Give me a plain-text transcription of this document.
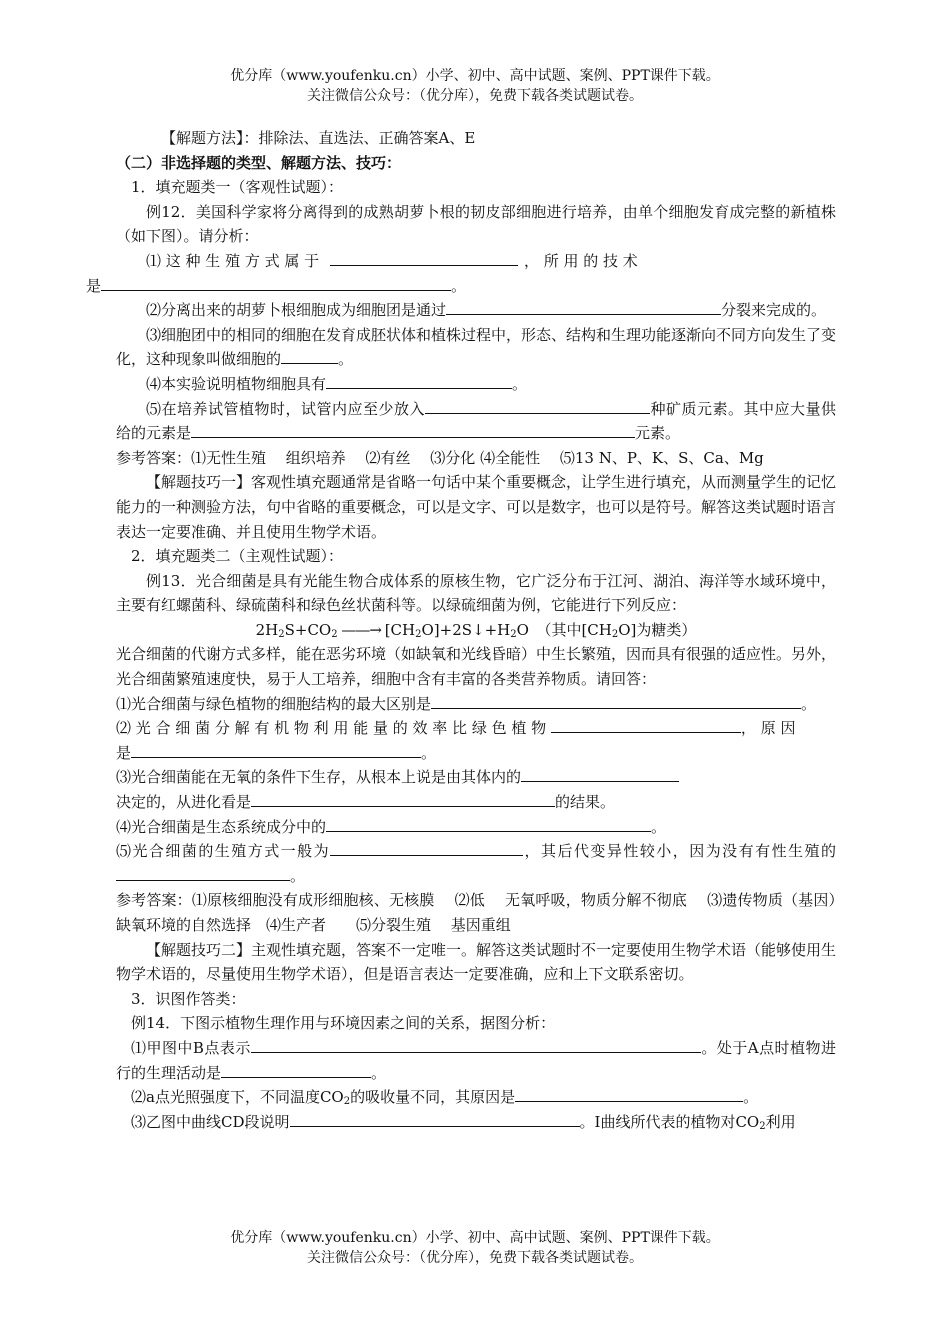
优分库（www.youfenku.cn）小学、初中、高中试题、案例、PPT课件下载。
关注微信公众号：（优分库），免费下载各类试题试卷。

【解题方法】：排除法、直选法、正确答案A、E

（二）非选择题的类型、解题方法、技巧：

1．填充题类一（客观性试题）：

例12．美国科学家将分离得到的成熟胡萝卜根的韧皮部细胞进行培养，由单个细胞发育成完整的新植株（如下图）。请分析：

⑴ 这 种 生 殖 方 式 属 于	， 所 用 的 技 术
是	。

⑵分离出来的胡萝卜根细胞成为细胞团是通过	分裂来完成的。

⑶细胞团中的相同的细胞在发育成胚状体和植株过程中，形态、结构和生理功能逐渐向不同方向发生了变化，这种现象叫做细胞的	。

⑷本实验说明植物细胞具有	。

⑸在培养试管植物时，试管内应至少放入	种矿质元素。其中应大量供给的元素是	元素。

参考答案：⑴无性生殖　 组织培养　 ⑵有丝　 ⑶分化 ⑷全能性　 ⑸13 N、P、K、S、Ca、Mg

【解题技巧一】客观性填充题通常是省略一句话中某个重要概念，让学生进行填充，从而测量学生的记忆能力的一种测验方法，句中省略的重要概念，可以是文字、可以是数字，也可以是符号。解答这类试题时语言表达一定要准确、并且使用生物学术语。

2．填充题类二（主观性试题）：

例13．光合细菌是具有光能生物合成体系的原核生物，它广泛分布于江河、湖泊、海洋等水域环境中，主要有红螺菌科、绿硫菌科和绿色丝状菌科等。以绿硫细菌为例，它能进行下列反应：

$2H_2S+CO_2$ ——→ $[CH_2O]+2S↓+H_2O$　（其中$[CH_2O]$为糖类）

光合细菌的代谢方式多样，能在恶劣环境（如缺氧和光线昏暗）中生长繁殖，因而具有很强的适应性。另外，光合细菌繁殖速度快，易于人工培养，细胞中含有丰富的各类营养物质。请回答：

⑴光合细菌与绿色植物的细胞结构的最大区别是	。

⑵ 光 合 细 菌 分 解 有 机 物 利 用 能 量 的 效 率 比 绿 色 植 物	， 原 因
是	。

⑶光合细菌能在无氧的条件下生存，从根本上说是由其体内的
决定的，从进化看是	的结果。

⑷光合细菌是生态系统成分中的	。

⑸光合细菌的生殖方式一般为	，其后代变异性较小，因为没有有性生殖的。

参考答案：⑴原核细胞没有成形细胞核、无核膜　 ⑵低　 无氧呼吸，物质分解不彻底　 ⑶遗传物质（基因）　 缺氧环境的自然选择　⑷生产者　　⑸分裂生殖　 基因重组

【解题技巧二】主观性填充题，答案不一定唯一。解答这类试题时不一定要使用生物学术语（能够使用生物学术语的，尽量使用生物学术语），但是语言表达一定要准确，应和上下文联系密切。

3．识图作答类：

例14．下图示植物生理作用与环境因素之间的关系，据图分析：

⑴甲图中B点表示	。处于A点时植物进行的生理活动是	。

⑵a点光照强度下，不同温度$CO_2$的吸收量不同，其原因是	。

⑶乙图中曲线CD段说明	。Ⅰ曲线所代表的植物对$CO_2$利用

优分库（www.youfenku.cn）小学、初中、高中试题、案例、PPT课件下载。
关注微信公众号：（优分库），免费下载各类试题试卷。
